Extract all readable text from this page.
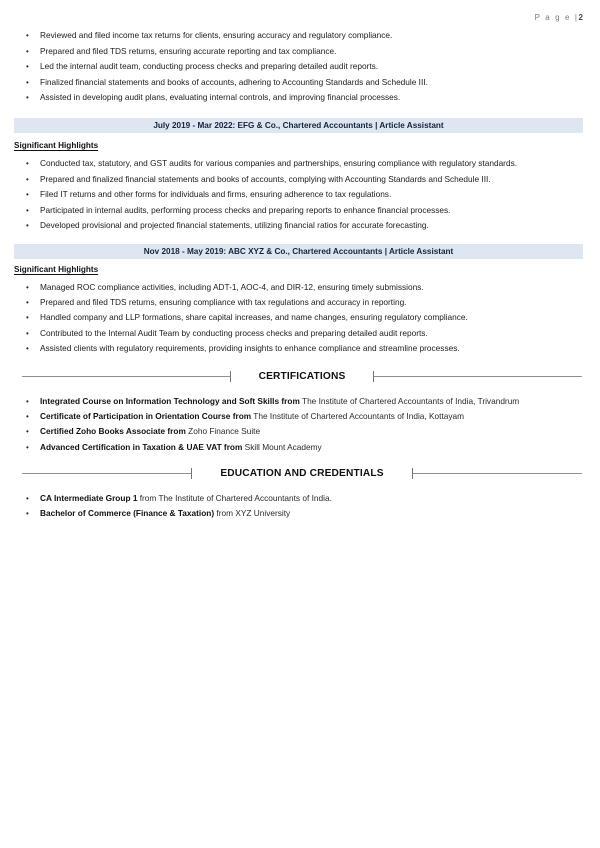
P a g e |2
• Reviewed and filed income tax returns for clients, ensuring accuracy and regulatory compliance.
• Prepared and filed TDS returns, ensuring accurate reporting and tax compliance.
• Led the internal audit team, conducting process checks and preparing detailed audit reports.
• Finalized financial statements and books of accounts, adhering to Accounting Standards and Schedule III.
• Assisted in developing audit plans, evaluating internal controls, and improving financial processes.
July 2019 - Mar 2022: EFG & Co., Chartered Accountants | Article Assistant
Significant Highlights
• Conducted tax, statutory, and GST audits for various companies and partnerships, ensuring compliance with regulatory standards.
• Prepared and finalized financial statements and books of accounts, complying with Accounting Standards and Schedule III.
• Filed IT returns and other forms for individuals and firms, ensuring adherence to tax regulations.
• Participated in internal audits, performing process checks and preparing reports to enhance financial processes.
• Developed provisional and projected financial statements, utilizing financial ratios for accurate forecasting.
Nov 2018 - May 2019: ABC XYZ & Co., Chartered Accountants | Article Assistant
Significant Highlights
• Managed ROC compliance activities, including ADT-1, AOC-4, and DIR-12, ensuring timely submissions.
• Prepared and filed TDS returns, ensuring compliance with tax regulations and accuracy in reporting.
• Handled company and LLP formations, share capital increases, and name changes, ensuring regulatory compliance.
• Contributed to the Internal Audit Team by conducting process checks and preparing detailed audit reports.
• Assisted clients with regulatory requirements, providing insights to enhance compliance and streamline processes.
CERTIFICATIONS
• Integrated Course on Information Technology and Soft Skills from The Institute of Chartered Accountants of India, Trivandrum
• Certificate of Participation in Orientation Course from The Institute of Chartered Accountants of India, Kottayam
• Certified Zoho Books Associate from Zoho Finance Suite
• Advanced Certification in Taxation & UAE VAT from Skill Mount Academy
EDUCATION AND CREDENTIALS
• CA Intermediate Group 1 from The Institute of Chartered Accountants of India.
• Bachelor of Commerce (Finance & Taxation) from XYZ University
